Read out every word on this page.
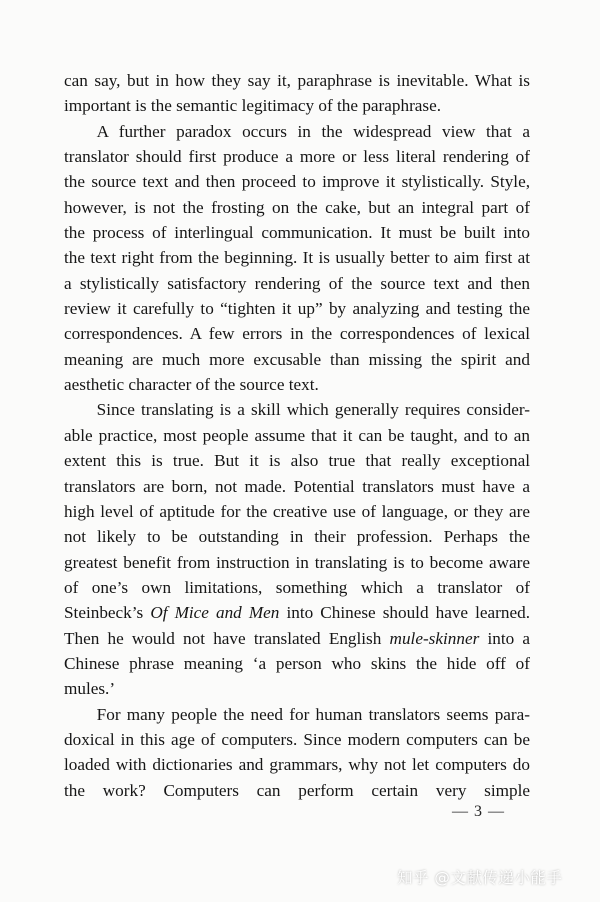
can say, but in how they say it, paraphrase is inevitable. What is
important is the semantic legitimacy of the paraphrase.

A further paradox occurs in the widespread view that a
translator should first produce a more or less literal rendering of
the source text and then proceed to improve it stylistically. Style,
however, is not the frosting on the cake, but an integral part of
the process of interlingual communication. It must be built into
the text right from the beginning. It is usually better to aim first at
a stylistically satisfactory rendering of the source text and then
review it carefully to “tighten it up” by analyzing and testing the
correspondences. A few errors in the correspondences of lexical
meaning are much more excusable than missing the spirit and
aesthetic character of the source text.

Since translating is a skill which generally requires consider-
able practice, most people assume that it can be taught, and to an
extent this is true. But it is also true that really exceptional
translators are born, not made. Potential translators must have a
high level of aptitude for the creative use of language, or they are
not likely to be outstanding in their profession. Perhaps the
greatest benefit from instruction in translating is to become aware
of one’s own limitations, something which a translator of
Steinbeck’s Of Mice and Men into Chinese should have learned.
Then he would not have translated English mule-skinner into a
Chinese phrase meaning ‘a person who skins the hide off of
mules.’

For many people the need for human translators seems para-
doxical in this age of computers. Since modern computers can be
loaded with dictionaries and grammars, why not let computers do
the work? Computers can perform certain very simple

— 3 —
知乎 @文献传递小能手
